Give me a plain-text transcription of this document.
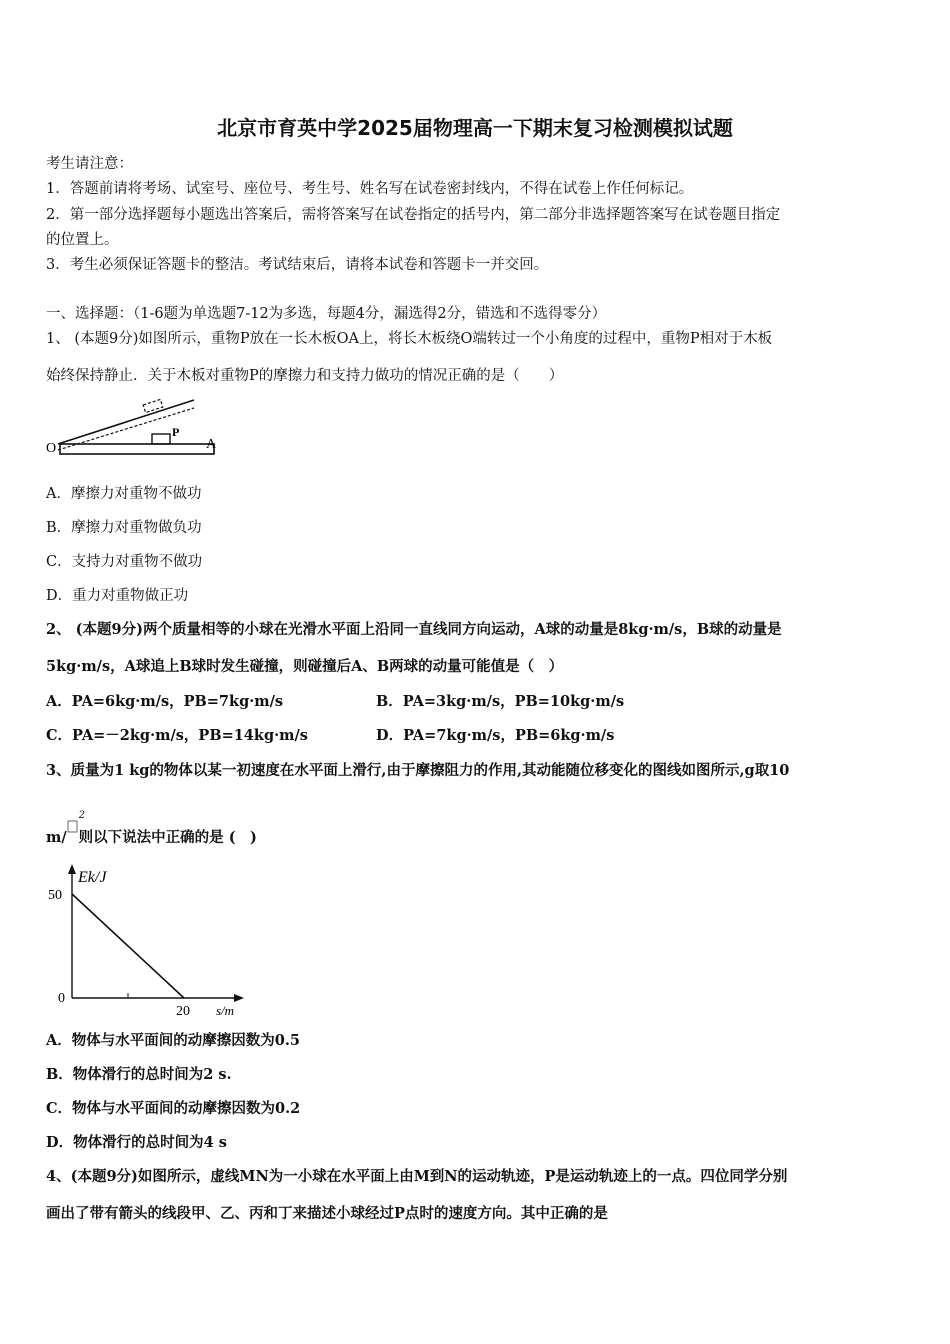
北京市育英中学2025届物理高一下期末复习检测模拟试题
考生请注意：
1．答题前请将考场、试室号、座位号、考生号、姓名写在试卷密封线内，不得在试卷上作任何标记。
2．第一部分选择题每小题选出答案后，需将答案写在试卷指定的括号内，第二部分非选择题答案写在试卷题目指定
的位置上。
3．考生必须保证答题卡的整洁。考试结束后，请将本试卷和答题卡一并交回。
一、选择题：（1-6题为单选题7-12为多选，每题4分，漏选得2分，错选和不选得零分）
1、 (本题9分)如图所示，重物P放在一长木板OA上，将长木板绕O端转过一个小角度的过程中，重物P相对于木板
始终保持静止．关于木板对重物P的摩擦力和支持力做功的情况正确的是（　　）
O
P
A
A．摩擦力对重物不做功
B．摩擦力对重物做负功
C．支持力对重物不做功
D．重力对重物做正功
2、 (本题9分)两个质量相等的小球在光滑水平面上沿同一直线同方向运动，A球的动量是8kg·m/s，B球的动量是
5kg·m/s，A球追上B球时发生碰撞，则碰撞后A、B两球的动量可能值是（　）
A．PA=6kg·m/s，PB=7kg·m/s	B．PA=3kg·m/s，PB=10kg·m/s
C．PA=－2kg·m/s，PB=14kg·m/s	D．PA=7kg·m/s，PB=6kg·m/s
3、质量为1 kg的物体以某一初速度在水平面上滑行,由于摩擦阻力的作用,其动能随位移变化的图线如图所示,g取10
m/
2
则以下说法中正确的是 (　)
Ek/J
s/m
50
0
20
A．物体与水平面间的动摩擦因数为0.5
B．物体滑行的总时间为2 s.
C．物体与水平面间的动摩擦因数为0.2
D．物体滑行的总时间为4 s
4、(本题9分)如图所示，虚线MN为一小球在水平面上由M到N的运动轨迹，P是运动轨迹上的一点。四位同学分别
画出了带有箭头的线段甲、乙、丙和丁来描述小球经过P点时的速度方向。其中正确的是
